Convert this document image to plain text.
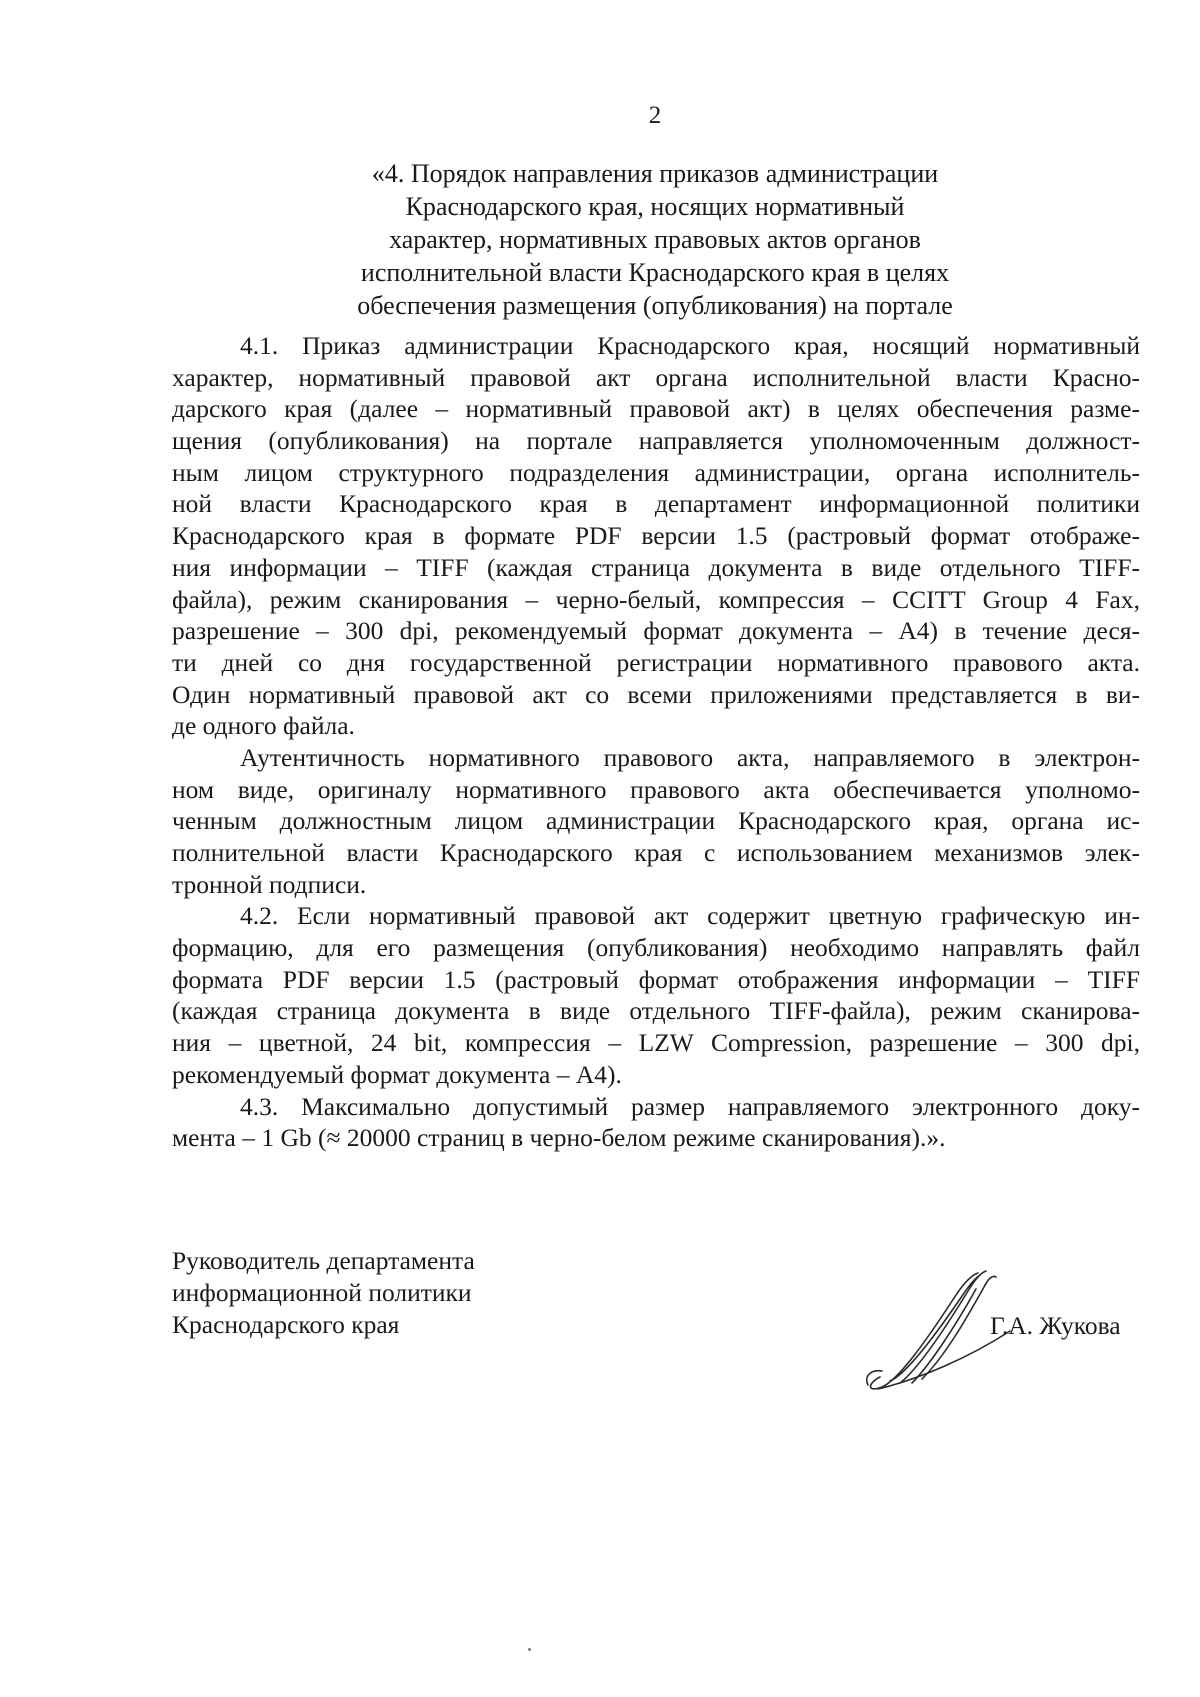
2
«4. Порядок направления приказов администрации
Краснодарского края, носящих нормативный
характер, нормативных правовых актов органов
исполнительной власти Краснодарского края в целях
обеспечения размещения (опубликования) на портале
4.1. Приказ администрации Краснодарского края, носящий нормативный
характер, нормативный правовой акт органа исполнительной власти Красно-
дарского края (далее – нормативный правовой акт) в целях обеспечения разме-
щения (опубликования) на портале направляется уполномоченным должност-
ным лицом структурного подразделения администрации, органа исполнитель-
ной власти Краснодарского края в департамент информационной политики
Краснодарского края в формате PDF версии 1.5 (растровый формат отображе-
ния информации – TIFF (каждая страница документа в виде отдельного TIFF-
файла), режим сканирования – черно-белый, компрессия – CCITT Group 4 Fax,
разрешение – 300 dpi, рекомендуемый формат документа – А4) в течение деся-
ти дней со дня государственной регистрации нормативного правового акта.
Один нормативный правовой акт со всеми приложениями представляется в ви-
де одного файла.
Аутентичность нормативного правового акта, направляемого в электрон-
ном виде, оригиналу нормативного правового акта обеспечивается уполномо-
ченным должностным лицом администрации Краснодарского края, органа ис-
полнительной власти Краснодарского края с использованием механизмов элек-
тронной подписи.
4.2. Если нормативный правовой акт содержит цветную графическую ин-
формацию, для его размещения (опубликования) необходимо направлять файл
формата PDF версии 1.5 (растровый формат отображения информации – TIFF
(каждая страница документа в виде отдельного TIFF-файла), режим сканирова-
ния – цветной, 24 bit, компрессия – LZW Compression, разрешение – 300 dpi,
рекомендуемый формат документа – А4).
4.3. Максимально допустимый размер направляемого электронного доку-
мента – 1 Gb (≈ 20000 страниц в черно-белом режиме сканирования).».
Руководитель департамента
информационной политики
Краснодарского края	Г.А. Жукова
